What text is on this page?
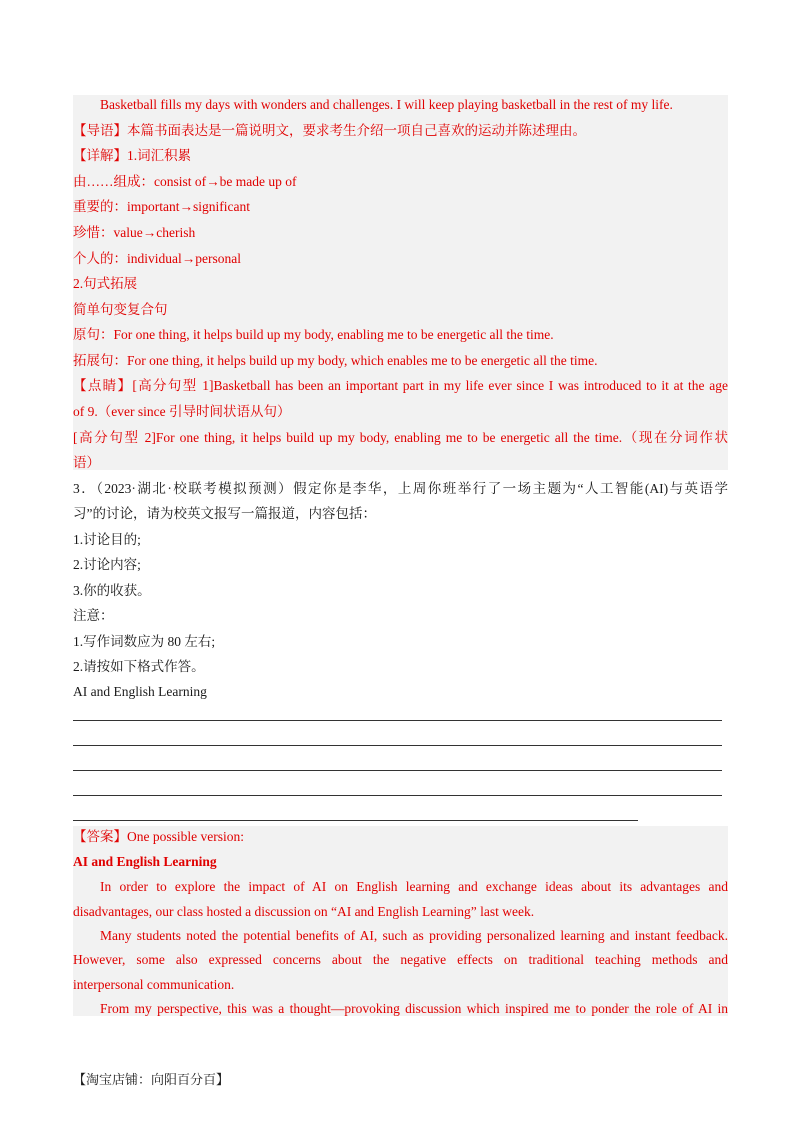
Basketball fills my days with wonders and challenges. I will keep playing basketball in the rest of my life.
【导语】本篇书面表达是一篇说明文，要求考生介绍一项自己喜欢的运动并陈述理由。
【详解】1.词汇积累
由……组成：consist of→be made up of
重要的：important→significant
珍惜：value→cherish
个人的：individual→personal
2.句式拓展
简单句变复合句
原句：For one thing, it helps build up my body, enabling me to be energetic all the time.
拓展句：For one thing, it helps build up my body, which enables me to be energetic all the time.
【点睛】[高分句型 1]Basketball has been an important part in my life ever since I was introduced to it at the age
of 9.（ever since 引导时间状语从句）
[高分句型 2]For one thing, it helps build up my body, enabling me to be energetic all the time.（现在分词作状
语）
3．（2023·湖北·校联考模拟预测）假定你是李华，上周你班举行了一场主题为“人工智能(AI)与英语学
习”的讨论，请为校英文报写一篇报道，内容包括：
1.讨论目的;
2.讨论内容;
3.你的收获。
注意：
1.写作词数应为 80 左右;
2.请按如下格式作答。
AI and English Learning
【答案】One possible version:
AI and English Learning
In order to explore the impact of AI on English learning and exchange ideas about its advantages and
disadvantages, our class hosted a discussion on “AI and English Learning” last week.
Many students noted the potential benefits of AI, such as providing personalized learning and instant feedback.
However, some also expressed concerns about the negative effects on traditional teaching methods and
interpersonal communication.
From my perspective, this was a thought—provoking discussion which inspired me to ponder the role of AI in
【淘宝店铺：向阳百分百】
